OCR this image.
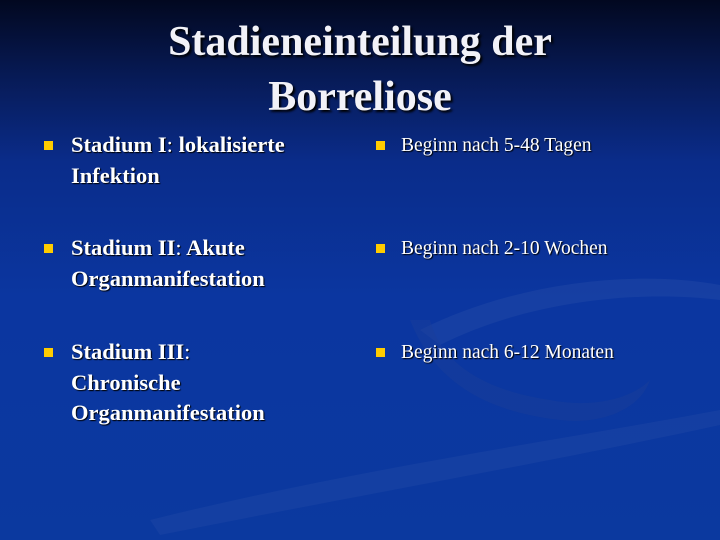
Stadieneinteilung der
Borreliose
Stadium I: lokalisierte
Infektion
Beginn nach 5-48 Tagen
Stadium II: Akute
Organmanifestation
Beginn nach 2-10 Wochen
Stadium III:
Chronische
Organmanifestation
Beginn nach 6-12 Monaten
